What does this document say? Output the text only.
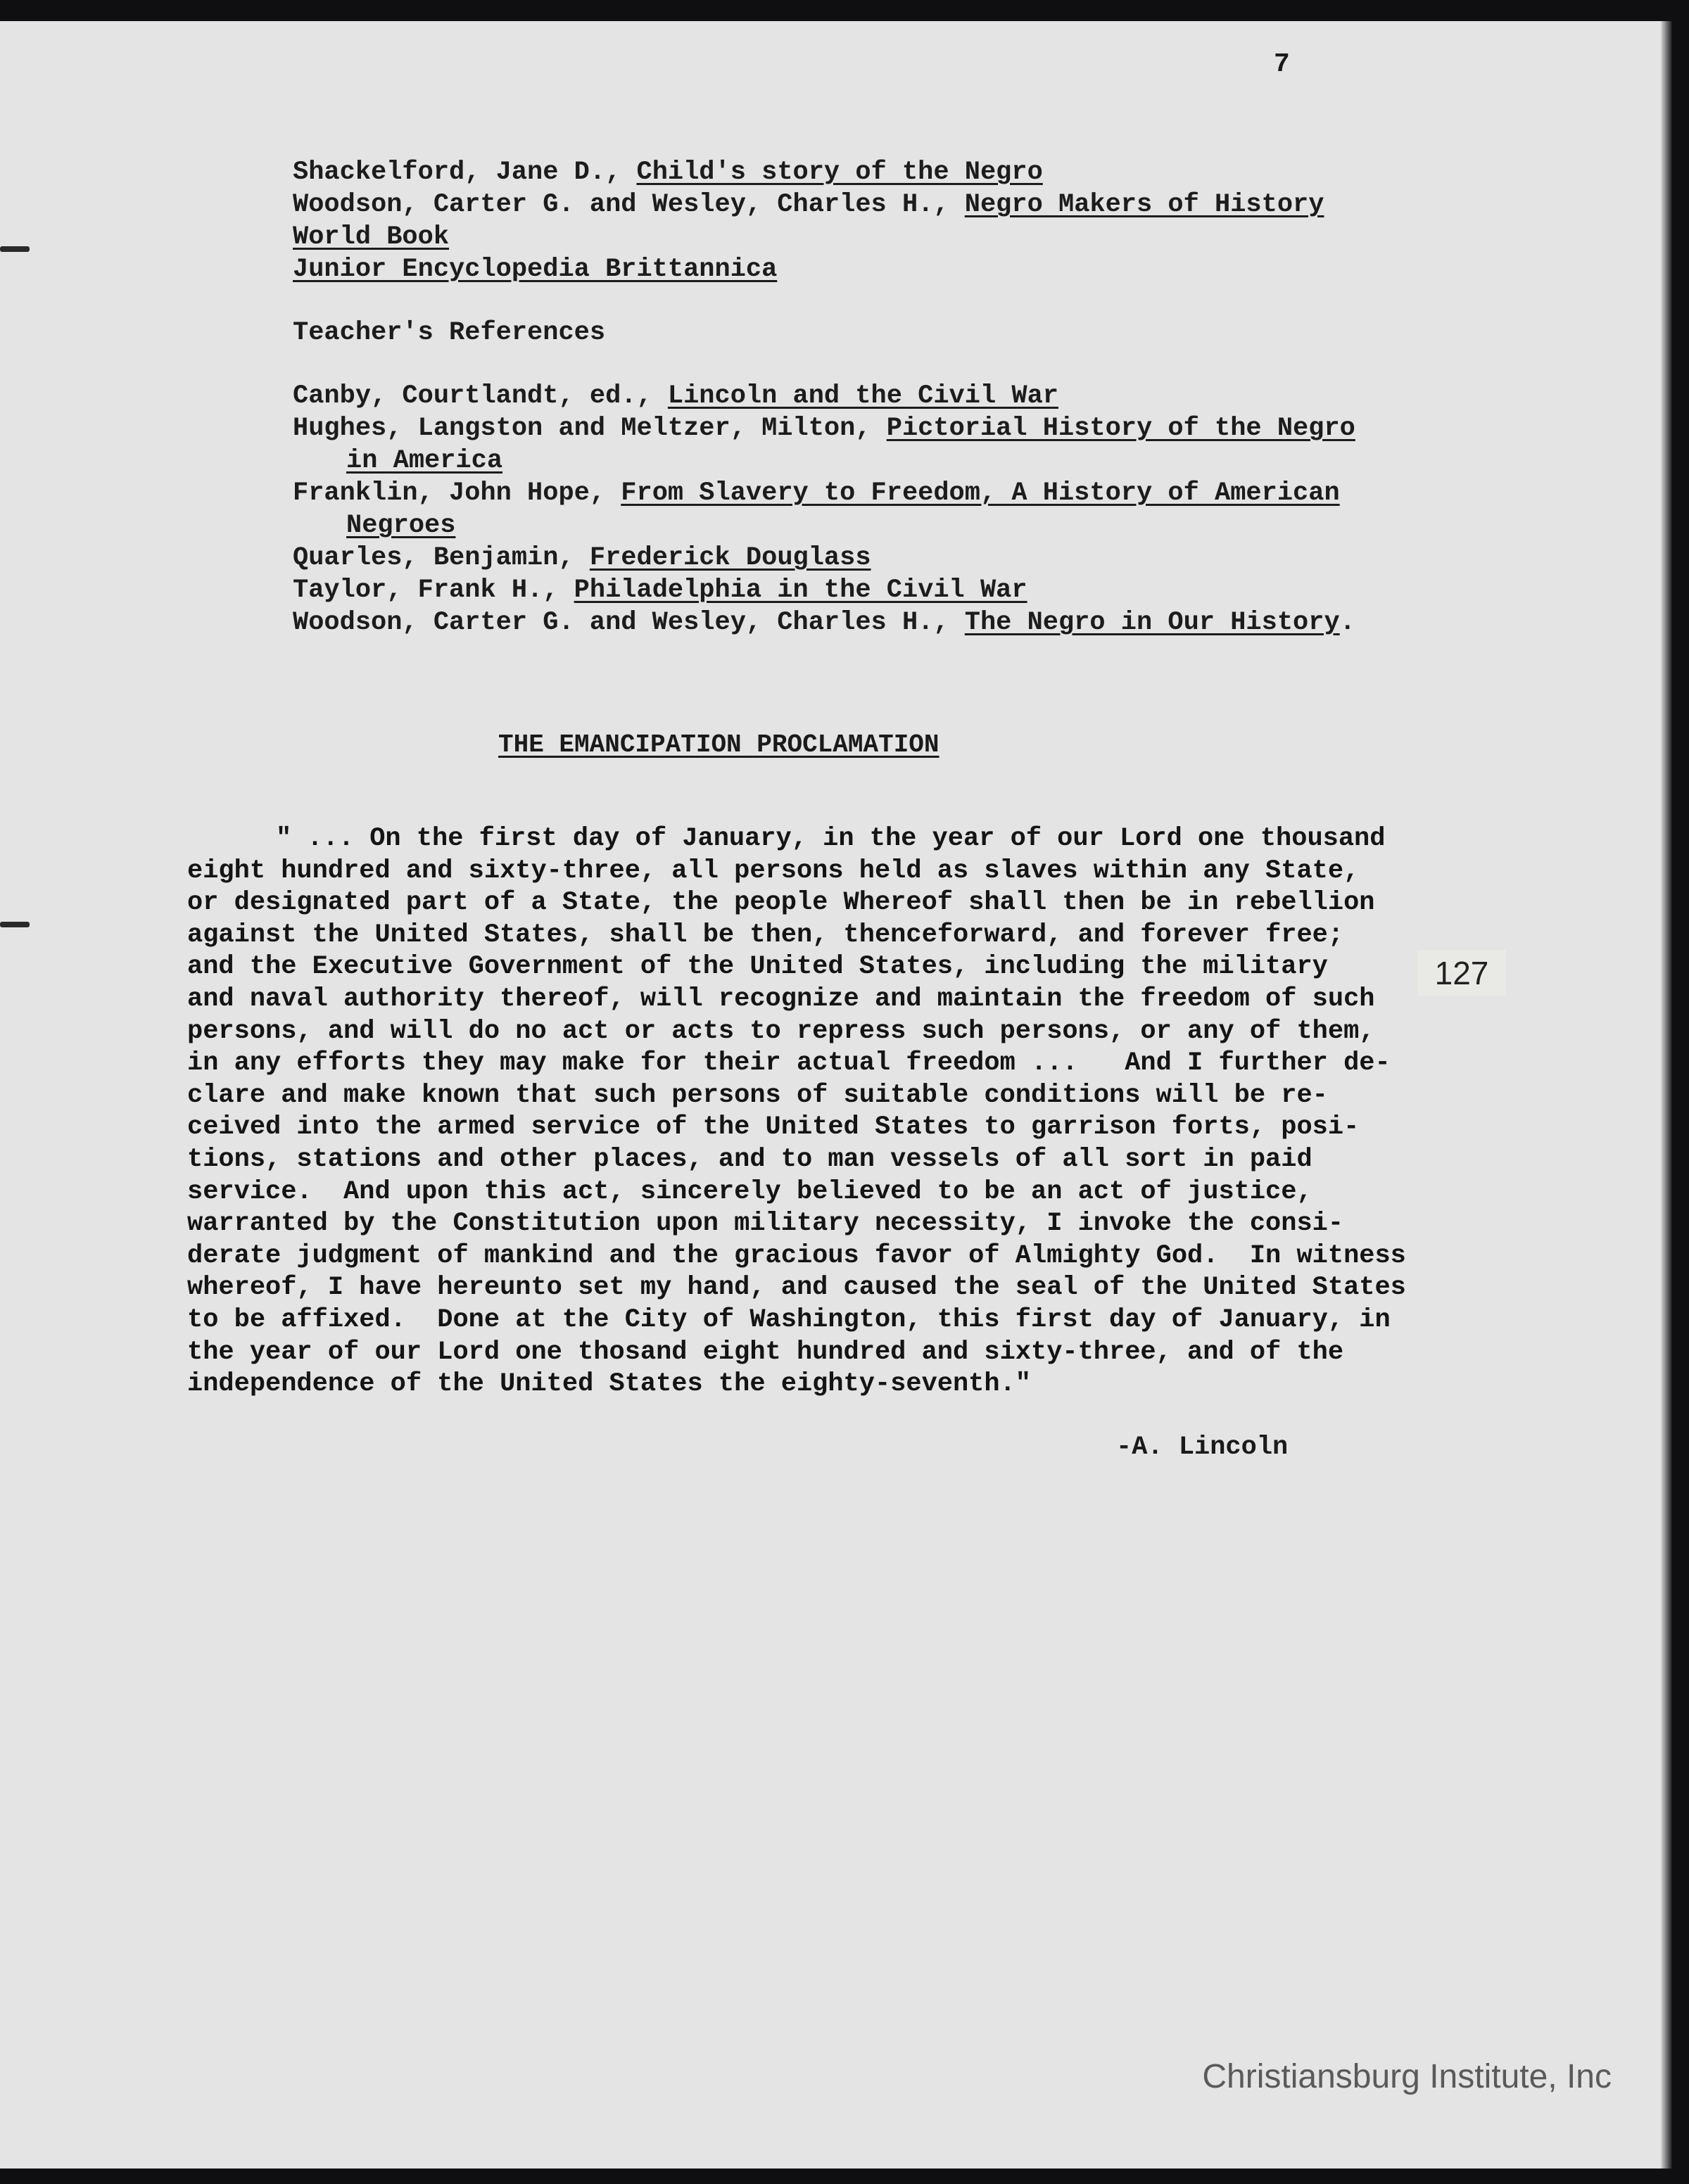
7
Shackelford, Jane D., Child's story of the Negro
Woodson, Carter G. and Wesley, Charles H., Negro Makers of History
World Book
Junior Encyclopedia Brittannica
Teacher's References
Canby, Courtlandt, ed., Lincoln and the Civil War
Hughes, Langston and Meltzer, Milton, Pictorial History of the Negro
in America
Franklin, John Hope, From Slavery to Freedom, A History of American
Negroes
Quarles, Benjamin, Frederick Douglass
Taylor, Frank H., Philadelphia in the Civil War
Woodson, Carter G. and Wesley, Charles H., The Negro in Our History.
THE EMANCIPATION PROCLAMATION
" ... On the first day of January, in the year of our Lord one thousand
eight hundred and sixty-three, all persons held as slaves within any State,
or designated part of a State, the people Whereof shall then be in rebellion
against the United States, shall be then, thenceforward, and forever free;
and the Executive Government of the United States, including the military
and naval authority thereof, will recognize and maintain the freedom of such
persons, and will do no act or acts to repress such persons, or any of them,
in any efforts they may make for their actual freedom ...   And I further de-
clare and make known that such persons of suitable conditions will be re-
ceived into the armed service of the United States to garrison forts, posi-
tions, stations and other places, and to man vessels of all sort in paid
service.  And upon this act, sincerely believed to be an act of justice,
warranted by the Constitution upon military necessity, I invoke the consi-
derate judgment of mankind and the gracious favor of Almighty God.  In witness
whereof, I have hereunto set my hand, and caused the seal of the United States
to be affixed.  Done at the City of Washington, this first day of January, in
the year of our Lord one thosand eight hundred and sixty-three, and of the
independence of the United States the eighty-seventh."
-A. Lincoln
127
Christiansburg Institute, Inc
